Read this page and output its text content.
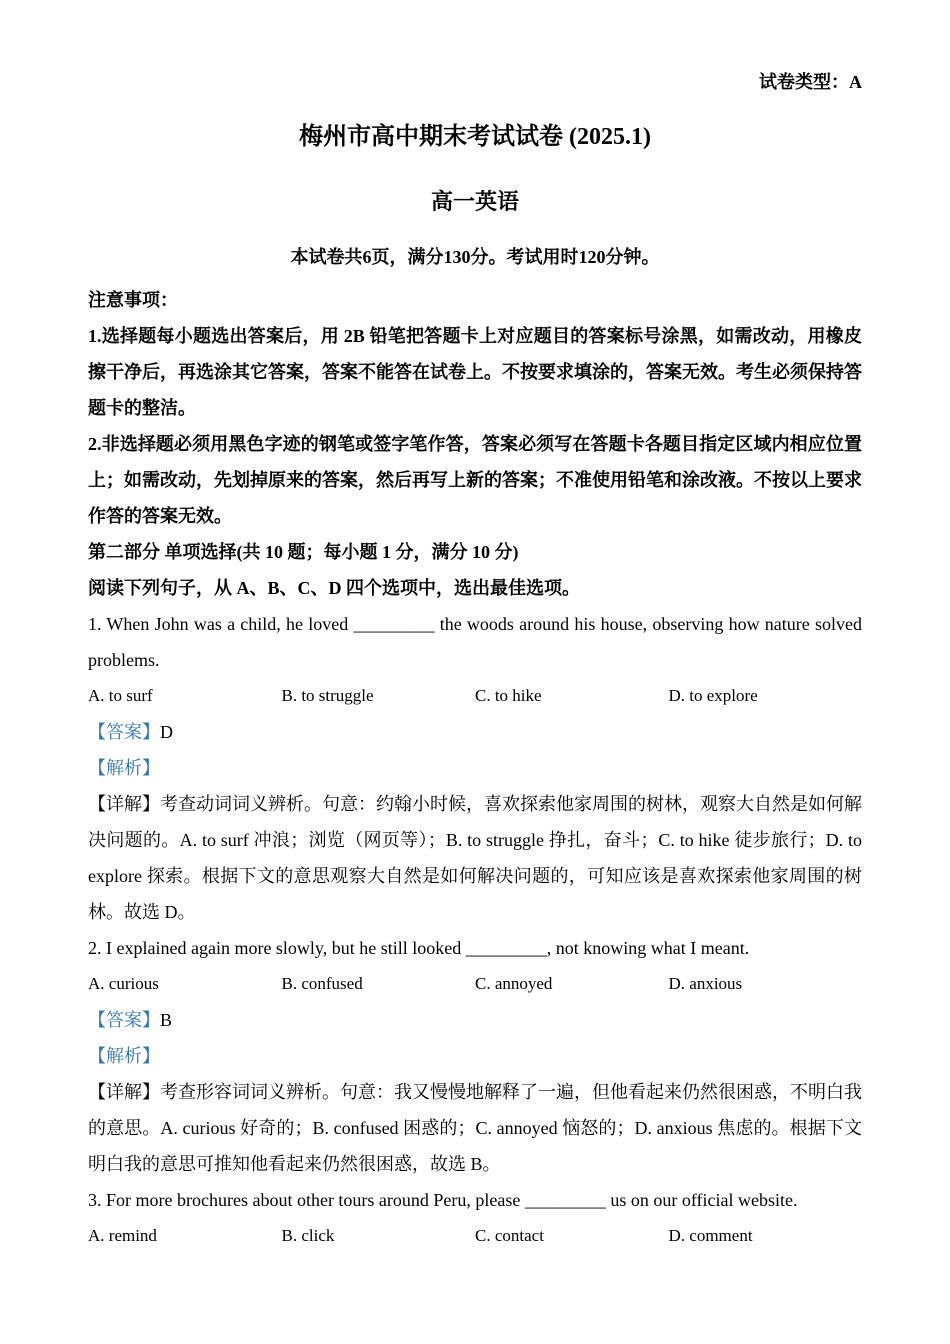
试卷类型：A
梅州市高中期末考试试卷 (2025.1)
高一英语
本试卷共6页，满分130分。考试用时120分钟。

注意事项：

1.选择题每小题选出答案后，用 2B 铅笔把答题卡上对应题目的答案标号涂黑，如需改动，用橡皮擦干净后，再选涂其它答案，答案不能答在试卷上。不按要求填涂的，答案无效。考生必须保持答题卡的整洁。

2.非选择题必须用黑色字迹的钢笔或签字笔作答，答案必须写在答题卡各题目指定区域内相应位置上；如需改动，先划掉原来的答案，然后再写上新的答案；不准使用铅笔和涂改液。不按以上要求作答的答案无效。

第二部分 单项选择(共 10 题；每小题 1 分，满分 10 分)

阅读下列句子，从 A、B、C、D 四个选项中，选出最佳选项。

1. When John was a child, he loved _________ the woods around his house, observing how nature solved problems.

A. to surf	B. to struggle	C. to hike	D. to explore

【答案】D

【解析】

【详解】考查动词词义辨析。句意：约翰小时候，喜欢探索他家周围的树林，观察大自然是如何解决问题的。A. to surf 冲浪；浏览（网页等）；B. to struggle 挣扎，奋斗；C. to hike 徒步旅行；D. to explore 探索。根据下文的意思观察大自然是如何解决问题的，可知应该是喜欢探索他家周围的树林。故选 D。

2. I explained again more slowly, but he still looked _________, not knowing what I meant.

A. curious	B. confused	C. annoyed	D. anxious

【答案】B

【解析】

【详解】考查形容词词义辨析。句意：我又慢慢地解释了一遍，但他看起来仍然很困惑，不明白我的意思。A. curious 好奇的；B. confused 困惑的；C. annoyed 恼怒的；D. anxious 焦虑的。根据下文明白我的意思可推知他看起来仍然很困惑，故选 B。

3. For more brochures about other tours around Peru, please _________ us on our official website.

A. remind	B. click	C. contact	D. comment
